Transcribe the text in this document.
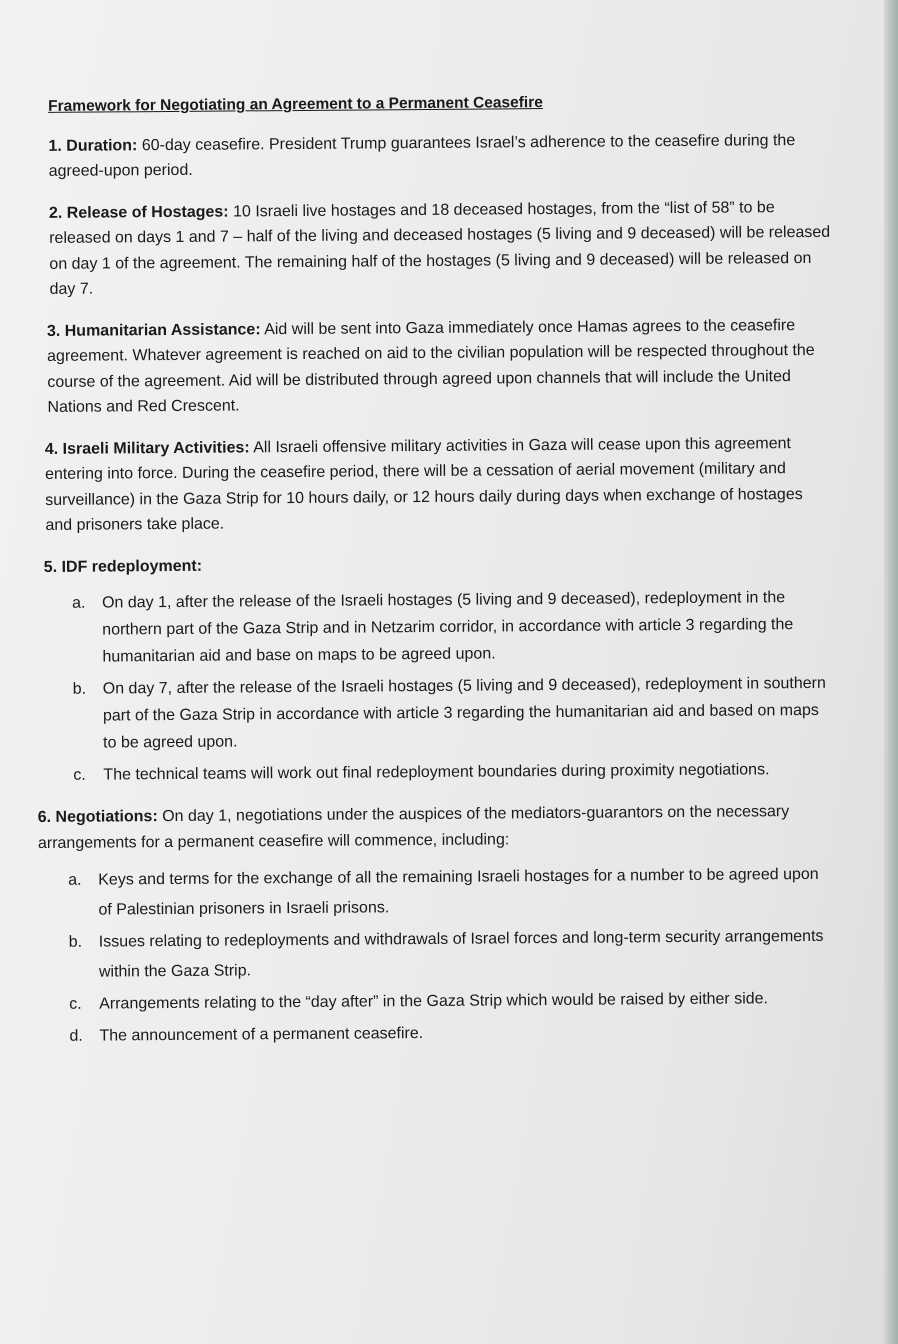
Framework for Negotiating an Agreement to a Permanent Ceasefire

1. Duration: 60-day ceasefire. President Trump guarantees Israel’s adherence to the ceasefire during the agreed-upon period.

2. Release of Hostages: 10 Israeli live hostages and 18 deceased hostages, from the “list of 58” to be released on days 1 and 7 – half of the living and deceased hostages (5 living and 9 deceased) will be released on day 1 of the agreement. The remaining half of the hostages (5 living and 9 deceased) will be released on day 7.

3. Humanitarian Assistance: Aid will be sent into Gaza immediately once Hamas agrees to the ceasefire agreement. Whatever agreement is reached on aid to the civilian population will be respected throughout the course of the agreement. Aid will be distributed through agreed upon channels that will include the United Nations and Red Crescent.

4. Israeli Military Activities: All Israeli offensive military activities in Gaza will cease upon this agreement entering into force. During the ceasefire period, there will be a cessation of aerial movement (military and surveillance) in the Gaza Strip for 10 hours daily, or 12 hours daily during days when exchange of hostages and prisoners take place.

5. IDF redeployment:

a.	On day 1, after the release of the Israeli hostages (5 living and 9 deceased), redeployment in the northern part of the Gaza Strip and in Netzarim corridor, in accordance with article 3 regarding the humanitarian aid and base on maps to be agreed upon.
b.	On day 7, after the release of the Israeli hostages (5 living and 9 deceased), redeployment in southern part of the Gaza Strip in accordance with article 3 regarding the humanitarian aid and based on maps to be agreed upon.
c.	The technical teams will work out final redeployment boundaries during proximity negotiations.

6. Negotiations: On day 1, negotiations under the auspices of the mediators-guarantors on the necessary arrangements for a permanent ceasefire will commence, including:

a.	Keys and terms for the exchange of all the remaining Israeli hostages for a number to be agreed upon of Palestinian prisoners in Israeli prisons.
b.	Issues relating to redeployments and withdrawals of Israel forces and long-term security arrangements within the Gaza Strip.
c.	Arrangements relating to the “day after” in the Gaza Strip which would be raised by either side.
d.	The announcement of a permanent ceasefire.
